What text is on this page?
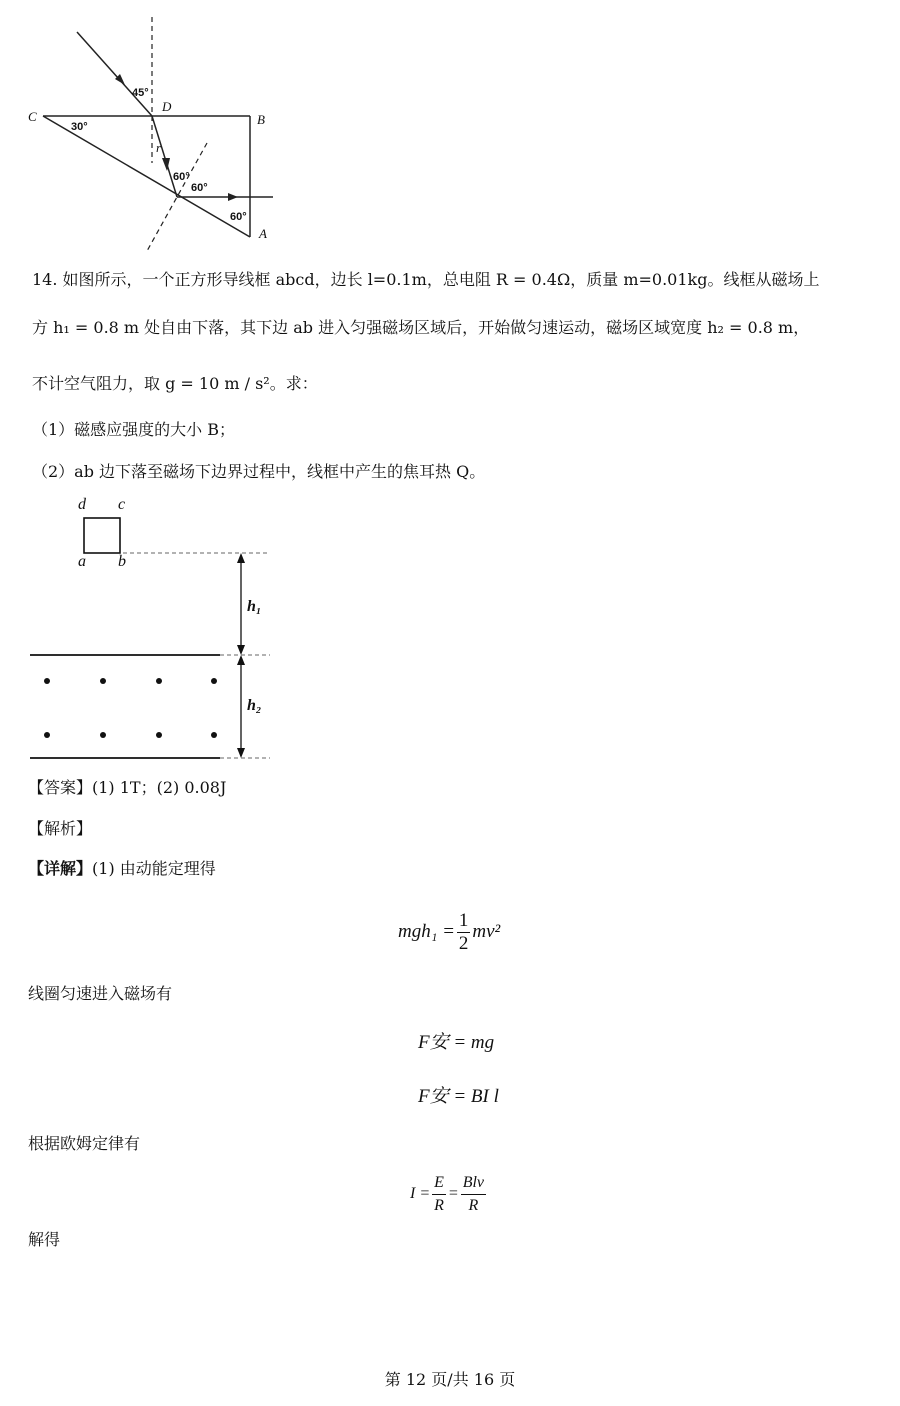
45°
D
C	B
A
30°
r
60°
60°
60°
14. 如图所示，一个正方形导线框 abcd，边长 l=0.1m，总电阻 R = 0.4Ω，质量 m=0.01kg。线框从磁场上
方 h₁ = 0.8 m 处自由下落，其下边 ab 进入匀强磁场区域后，开始做匀速运动，磁场区域宽度 h₂ = 0.8 m，
不计空气阻力，取 g = 10 m / s²。求：
（1）磁感应强度的大小 B；
（2）ab 边下落至磁场下边界过程中，线框中产生的焦耳热 Q。
d c
a b
h₁
h₂
【答案】(1) 1T；(2) 0.08J
【解析】
【详解】(1) 由动能定理得
$mgh_1 = \frac{1}{2} mv^2$
线圈匀速进入磁场有
F安 = mg
F安 = BI l
根据欧姆定律有
$I = \frac{E}{R} = \frac{\text{Blv}}{R}$
解得
第 12 页/共 16 页
